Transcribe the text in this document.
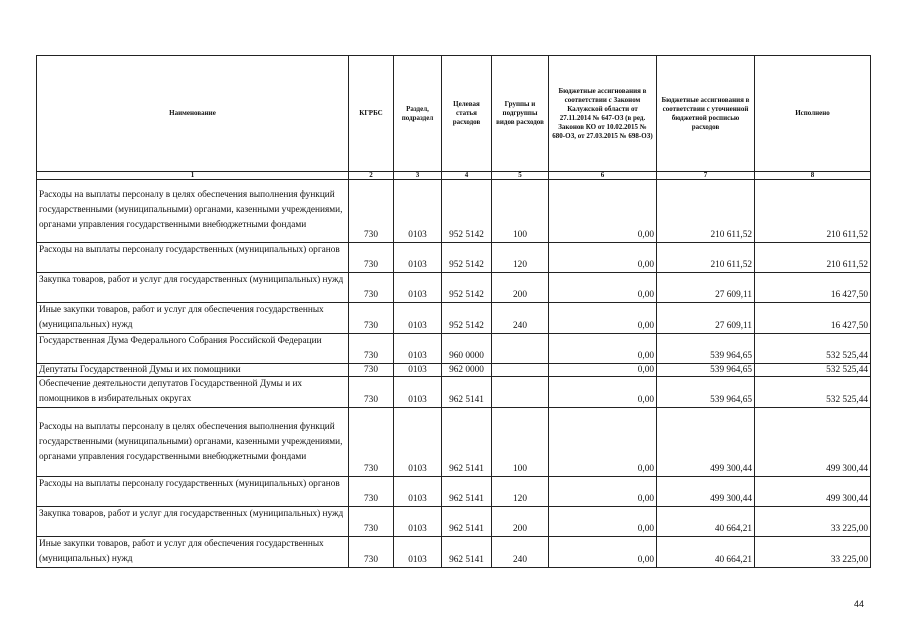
Наименование	КГРБС	Раздел, подраздел	Целевая статья расходов	Группы и подгруппы видов расходов	Бюджетные ассигнования в соответствии с Законом Калужской области от 27.11.2014 № 647-ОЗ (в ред. Законов КО от 10.02.2015 № 680-ОЗ, от 27.03.2015 № 698-ОЗ)	Бюджетные ассигнования в соответствии с уточненной бюджетной росписью расходов	Исполнено
1	2	3	4	5	6	7	8
Расходы на выплаты персоналу в целях обеспечения выполнения функций государственными (муниципальными) органами, казенными учреждениями, органами управления государственными внебюджетными фондами	730	0103	952 5142	100	0,00	210 611,52	210 611,52
Расходы на выплаты персоналу государственных (муниципальных) органов	730	0103	952 5142	120	0,00	210 611,52	210 611,52
Закупка товаров, работ и услуг для государственных (муниципальных) нужд	730	0103	952 5142	200	0,00	27 609,11	16 427,50
Иные закупки товаров, работ и услуг для обеспечения государственных (муниципальных) нужд	730	0103	952 5142	240	0,00	27 609,11	16 427,50
Государственная Дума Федерального Собрания Российской Федерации	730	0103	960 0000		0,00	539 964,65	532 525,44
Депутаты Государственной Думы и их помощники	730	0103	962 0000		0,00	539 964,65	532 525,44
Обеспечение деятельности депутатов Государственной Думы и их помощников в избирательных округах	730	0103	962 5141		0,00	539 964,65	532 525,44
Расходы на выплаты персоналу в целях обеспечения выполнения функций государственными (муниципальными) органами, казенными учреждениями, органами управления государственными внебюджетными фондами	730	0103	962 5141	100	0,00	499 300,44	499 300,44
Расходы на выплаты персоналу государственных (муниципальных) органов	730	0103	962 5141	120	0,00	499 300,44	499 300,44
Закупка товаров, работ и услуг для государственных (муниципальных) нужд	730	0103	962 5141	200	0,00	40 664,21	33 225,00
Иные закупки товаров, работ и услуг для обеспечения государственных (муниципальных) нужд	730	0103	962 5141	240	0,00	40 664,21	33 225,00
44
